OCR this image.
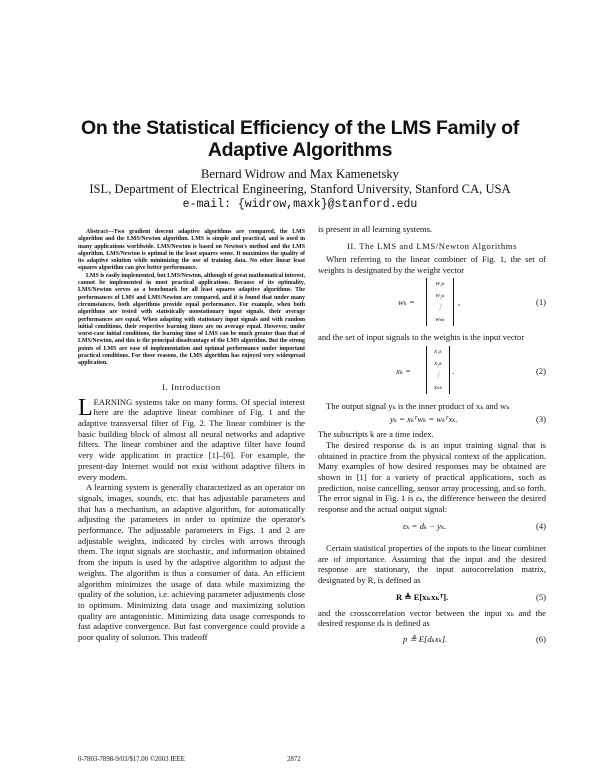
On the Statistical Efficiency of the LMS Family of
Adaptive Algorithms
Bernard Widrow and Max Kamenetsky
ISL, Department of Electrical Engineering, Stanford University, Stanford CA, USA
e-mail: {widrow,maxk}@stanford.edu

Abstract—Two gradient descent adaptive algorithms are compared, the LMS algorithm and the LMS/Newton algorithm. LMS is simple and practical, and is used in many applications worldwide. LMS/Newton is based on Newton's method and the LMS algorithm. LMS/Newton is optimal in the least squares sense. It maximizes the quality of its adaptive solution while minimizing the use of training data. No other linear least squares algorithm can give better performance.

LMS is easily implemented, but LMS/Newton, although of great mathematical interest, cannot be implemented in most practical applications. Because of its optimality, LMS/Newton serves as a benchmark for all least squares adaptive algorithms. The performances of LMS and LMS/Newton are compared, and it is found that under many circumstances, both algorithms provide equal performance. For example, when both algorithms are tested with statistically nonstationary input signals, their average performances are equal. When adapting with stationary input signals and with random initial conditions, their respective learning times are on average equal. However, under worst-case initial conditions, the learning time of LMS can be much greater than that of LMS/Newton, and this is the principal disadvantage of the LMS algorithm. But the strong points of LMS are ease of implementation and optimal performance under important practical conditions. For these reasons, the LMS algorithm has enjoyed very widespread application.

I. Introduction

LEARNING systems take on many forms. Of special interest here are the adaptive linear combiner of Fig. 1 and the adaptive transversal filter of Fig. 2. The linear combiner is the basic building block of almost all neural networks and adaptive filters. The linear combiner and the adaptive filter have found very wide application in practice [1]–[6]. For example, the present-day Internet would not exist without adaptive filters in every modem.

A learning system is generally characterized as an operator on signals, images, sounds, etc. that has adjustable parameters and that has a mechanism, an adaptive algorithm, for automatically adjusting the parameters in order to optimize the operator's performance. The adjustable parameters in Figs. 1 and 2 are adjustable weights, indicated by circles with arrows through them. The input signals are stochastic, and information obtained from the inputs is used by the adaptive algorithm to adjust the weights. The algorithm is thus a consumer of data. An efficient algorithm minimizes the usage of data while maximizing the quality of the solution, i.e. achieving parameter adjustments close to optimum. Minimizing data usage and maximizing solution quality are antagonistic. Minimizing data usage corresponds to fast adaptive convergence. But fast convergence could provide a poor quality of solution. This tradeoff

is present in all learning systems.

II. The LMS and LMS/Newton Algorithms

When referring to the linear combiner of Fig. 1, the set of weights is designated by the weight vector

wₖ =
w₁ₖ
w₂ₖ
⋮
wₙₖ
,	(1)

and the set of input signals to the weights is the input vector

xₖ =
x₁ₖ
x₂ₖ
⋮
xₙₖ
.	(2)

The output signal yₖ is the inner product of xₖ and wₖ

yₖ = xₖᵀwₖ = wₖᵀxₖ.	(3)

The subscripts k are a time index.

The desired response dₖ is an input training signal that is obtained in practice from the physical context of the application. Many examples of how desired responses may be obtained are shown in [1] for a variety of practical applications, such as prediction, noise cancelling, sensor array processing, and so forth. The error signal in Fig. 1 is εₖ, the difference between the desired response and the actual output signal:

εₖ = dₖ − yₖ.	(4)

Certain statistical properties of the inputs to the linear combiner are of importance. Assuming that the input and the desired response are stationary, the input autocorrelation matrix, designated by R, is defined as

R ≜ E[xₖxₖᵀ].	(5)

and the crosscorrelation vector between the input xₖ and the desired response dₖ is defined as

p ≜ E[dₖxₖ].	(6)
0-7803-7898-9/03/$17.00 ©2003 IEEE	2872
